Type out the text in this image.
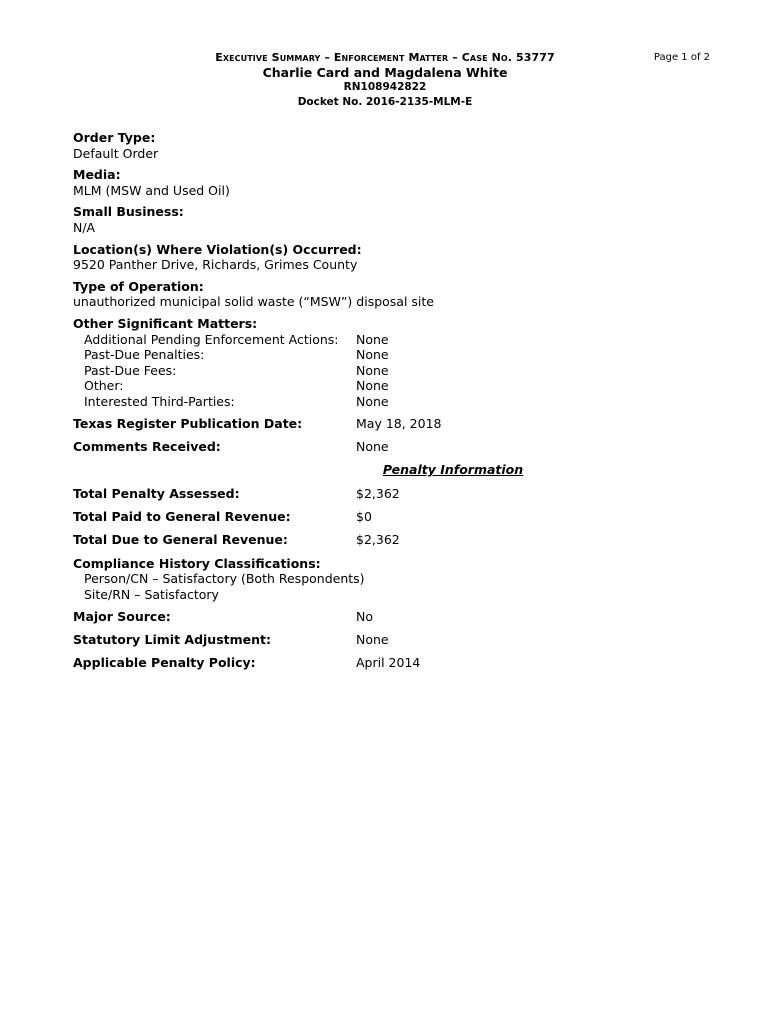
Page 1 of 2
Executive Summary – Enforcement Matter – Case No. 53777
Charlie Card and Magdalena White
RN108942822
Docket No. 2016-2135-MLM-E
Order Type:
Default Order
Media:
MLM (MSW and Used Oil)
Small Business:
N/A
Location(s) Where Violation(s) Occurred:
9520 Panther Drive, Richards, Grimes County
Type of Operation:
unauthorized municipal solid waste (“MSW”) disposal site
Other Significant Matters:
Additional Pending Enforcement Actions: None
Past-Due Penalties:	None
Past-Due Fees:	None
Other:	None
Interested Third-Parties:	None
Texas Register Publication Date:	May 18, 2018
Comments Received:	None
Penalty Information
Total Penalty Assessed:	$2,362
Total Paid to General Revenue:	$0
Total Due to General Revenue:	$2,362
Compliance History Classifications:
Person/CN – Satisfactory (Both Respondents)
Site/RN – Satisfactory
Major Source:	No
Statutory Limit Adjustment:	None
Applicable Penalty Policy:	April 2014
